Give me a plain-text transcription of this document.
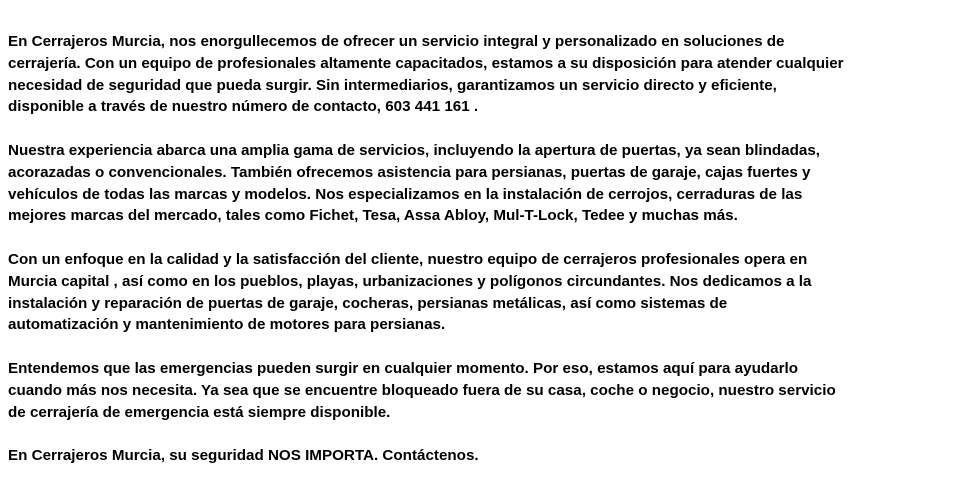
En Cerrajeros Murcia, nos enorgullecemos de ofrecer un servicio integral y personalizado en soluciones de
cerrajería. Con un equipo de profesionales altamente capacitados, estamos a su disposición para atender cualquier
necesidad de seguridad que pueda surgir. Sin intermediarios, garantizamos un servicio directo y eficiente,
disponible a través de nuestro número de contacto, 603 441 161 .

Nuestra experiencia abarca una amplia gama de servicios, incluyendo la apertura de puertas, ya sean blindadas,
acorazadas o convencionales. También ofrecemos asistencia para persianas, puertas de garaje, cajas fuertes y
vehículos de todas las marcas y modelos. Nos especializamos en la instalación de cerrojos, cerraduras de las
mejores marcas del mercado, tales como Fichet, Tesa, Assa Abloy, Mul-T-Lock, Tedee y muchas más.

Con un enfoque en la calidad y la satisfacción del cliente, nuestro equipo de cerrajeros profesionales opera en
Murcia capital , así como en los pueblos, playas, urbanizaciones y polígonos circundantes. Nos dedicamos a la
instalación y reparación de puertas de garaje, cocheras, persianas metálicas, así como sistemas de
automatización y mantenimiento de motores para persianas.

Entendemos que las emergencias pueden surgir en cualquier momento. Por eso, estamos aquí para ayudarlo
cuando más nos necesita. Ya sea que se encuentre bloqueado fuera de su casa, coche o negocio, nuestro servicio
de cerrajería de emergencia está siempre disponible.

En Cerrajeros Murcia, su seguridad NOS IMPORTA. Contáctenos.
